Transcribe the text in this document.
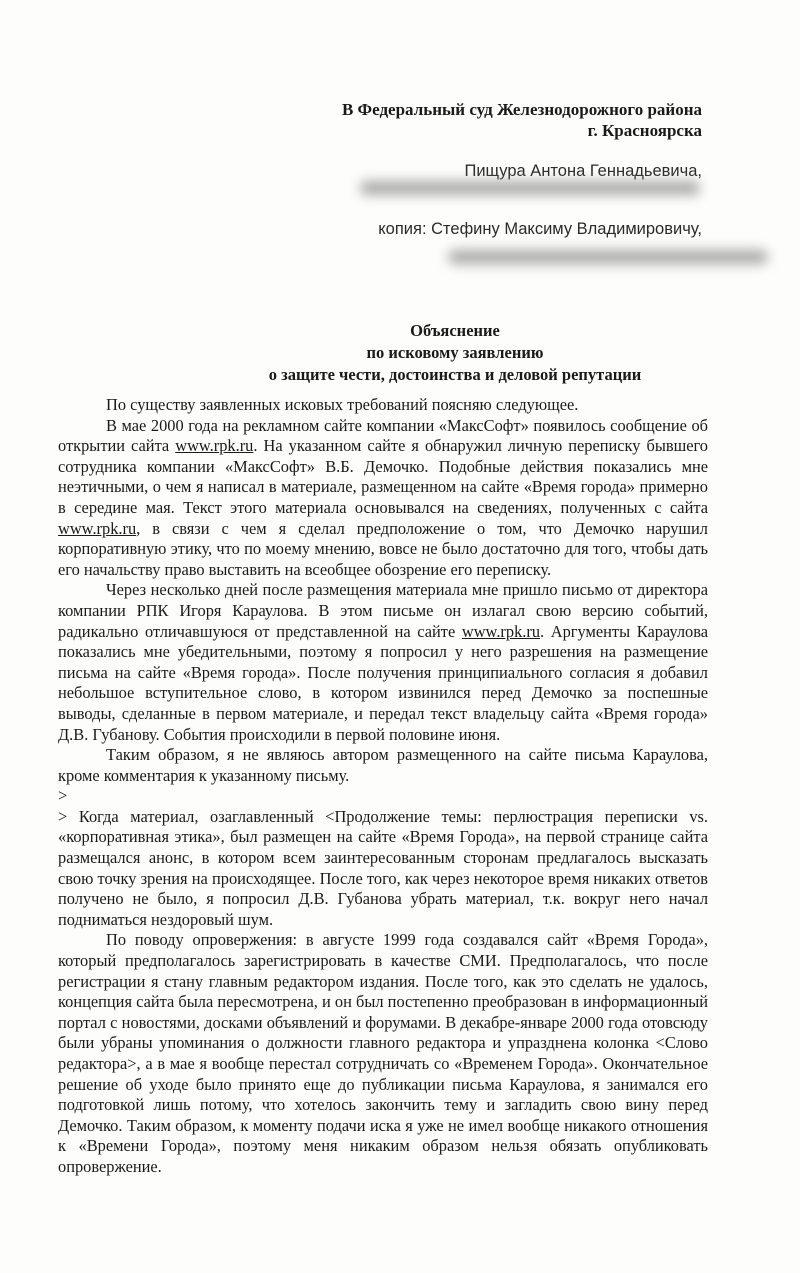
В Федеральный суд Железнодорожного района
г. Красноярска
Пищура Антона Геннадьевича,
копия: Стефину Максиму Владимировичу,
Объяснение
по исковому заявлению
о защите чести, достоинства и деловой репутации

По существу заявленных исковых требований поясняю следующее.

В мае 2000 года на рекламном сайте компании «МаксСофт» появилось сообщение об открытии сайта www.rpk.ru. На указанном сайте я обнаружил личную переписку бывшего сотрудника компании «МаксСофт» В.Б. Демочко. Подобные действия показались мне неэтичными, о чем я написал в материале, размещенном на сайте «Время города» примерно в середине мая. Текст этого материала основывался на сведениях, полученных с сайта www.rpk.ru, в связи с чем я сделал предположение о том, что Демочко нарушил корпоративную этику, что по моему мнению, вовсе не было достаточно для того, чтобы дать его начальству право выставить на всеобщее обозрение его переписку.

Через несколько дней после размещения материала мне пришло письмо от директора компании РПК Игоря Караулова. В этом письме он излагал свою версию событий, радикально отличавшуюся от представленной на сайте www.rpk.ru. Аргументы Караулова показались мне убедительными, поэтому я попросил у него разрешения на размещение письма на сайте «Время города». После получения принципиального согласия я добавил небольшое вступительное слово, в котором извинился перед Демочко за поспешные выводы, сделанные в первом материале, и передал текст владельцу сайта «Время города» Д.В. Губанову. События происходили в первой половине июня.

Таким образом, я не являюсь автором размещенного на сайте письма Караулова, кроме комментария к указанному письму.

>

> Когда материал, озаглавленный <Продолжение темы: перлюстрация переписки vs. «корпоративная этика», был размещен на сайте «Время Города», на первой странице сайта размещался анонс, в котором всем заинтересованным сторонам предлагалось высказать свою точку зрения на происходящее. После того, как через некоторое время никаких ответов получено не было, я попросил Д.В. Губанова убрать материал, т.к. вокруг него начал подниматься нездоровый шум.

По поводу опровержения: в августе 1999 года создавался сайт «Время Города», который предполагалось зарегистрировать в качестве СМИ. Предполагалось, что после регистрации я стану главным редактором издания. После того, как это сделать не удалось, концепция сайта была пересмотрена, и он был постепенно преобразован в информационный портал с новостями, досками объявлений и форумами. В декабре-январе 2000 года отовсюду были убраны упоминания о должности главного редактора и упразднена колонка <Слово редактора>, а в мае я вообще перестал сотрудничать со «Временем Города». Окончательное решение об уходе было принято еще до публикации письма Караулова, я занимался его подготовкой лишь потому, что хотелось закончить тему и загладить свою вину перед Демочко. Таким образом, к моменту подачи иска я уже не имел вообще никакого отношения к «Времени Города», поэтому меня никаким образом нельзя обязать опубликовать опровержение.
